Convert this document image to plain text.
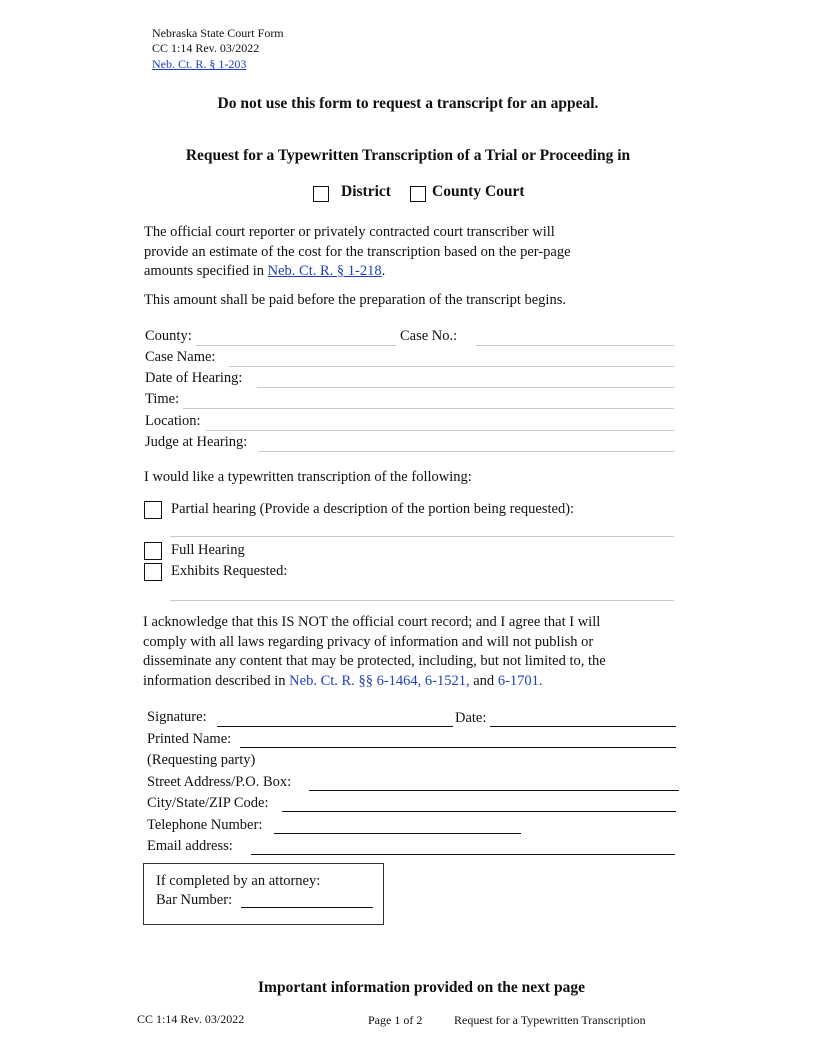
Nebraska State Court Form
CC 1:14 Rev. 03/2022
Neb. Ct. R. § 1-203
Do not use this form to request a transcript for an appeal.
Request for a Typewritten Transcription of a Trial or Proceeding in
District	County Court
The official court reporter or privately contracted court transcriber will
provide an estimate of the cost for the transcription based on the per-page
amounts specified in Neb. Ct. R. § 1-218.
This amount shall be paid before the preparation of the transcript begins.
County:	Case No.:
Case Name:
Date of Hearing:
Time:
Location:
Judge at Hearing:
I would like a typewritten transcription of the following:
Partial hearing (Provide a description of the portion being requested):
Full Hearing
Exhibits Requested:
I acknowledge that this IS NOT the official court record; and I agree that I will
comply with all laws regarding privacy of information and will not publish or
disseminate any content that may be protected, including, but not limited to, the
information described in Neb. Ct. R. §§ 6-1464, 6-1521, and 6-1701.
Signature:	Date:
Printed Name:
(Requesting party)
Street Address/P.O. Box:
City/State/ZIP Code:
Telephone Number:
Email address:
If completed by an attorney:
Bar Number:
Important information provided on the next page
CC 1:14 Rev. 03/2022	Page 1 of 2	Request for a Typewritten Transcription
